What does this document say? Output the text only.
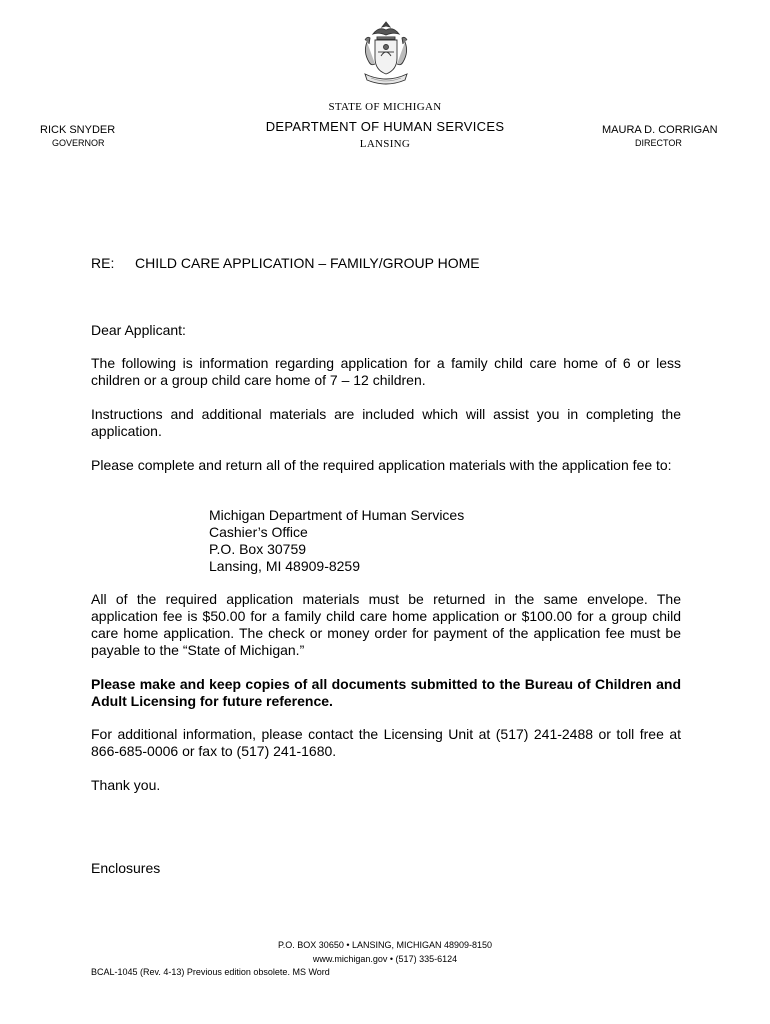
STATE OF MICHIGAN
DEPARTMENT OF HUMAN SERVICES
LANSING
RICK SNYDER
GOVERNOR
MAURA D. CORRIGAN
DIRECTOR
RE: CHILD CARE APPLICATION – FAMILY/GROUP HOME
Dear Applicant:
The following is information regarding application for a family child care home of 6 or less children or a group child care home of 7 – 12 children.
Instructions and additional materials are included which will assist you in completing the application.
Please complete and return all of the required application materials with the application fee to:
Michigan Department of Human Services
Cashier’s Office
P.O. Box 30759
Lansing, MI 48909-8259
All of the required application materials must be returned in the same envelope. The application fee is $50.00 for a family child care home application or $100.00 for a group child care home application. The check or money order for payment of the application fee must be payable to the “State of Michigan.”
Please make and keep copies of all documents submitted to the Bureau of Children and Adult Licensing for future reference.
For additional information, please contact the Licensing Unit at (517) 241-2488 or toll free at 866-685-0006 or fax to (517) 241-1680.
Thank you.
Enclosures
P.O. BOX 30650 • LANSING, MICHIGAN 48909-8150
www.michigan.gov • (517) 335-6124
BCAL-1045 (Rev. 4-13) Previous edition obsolete. MS Word
